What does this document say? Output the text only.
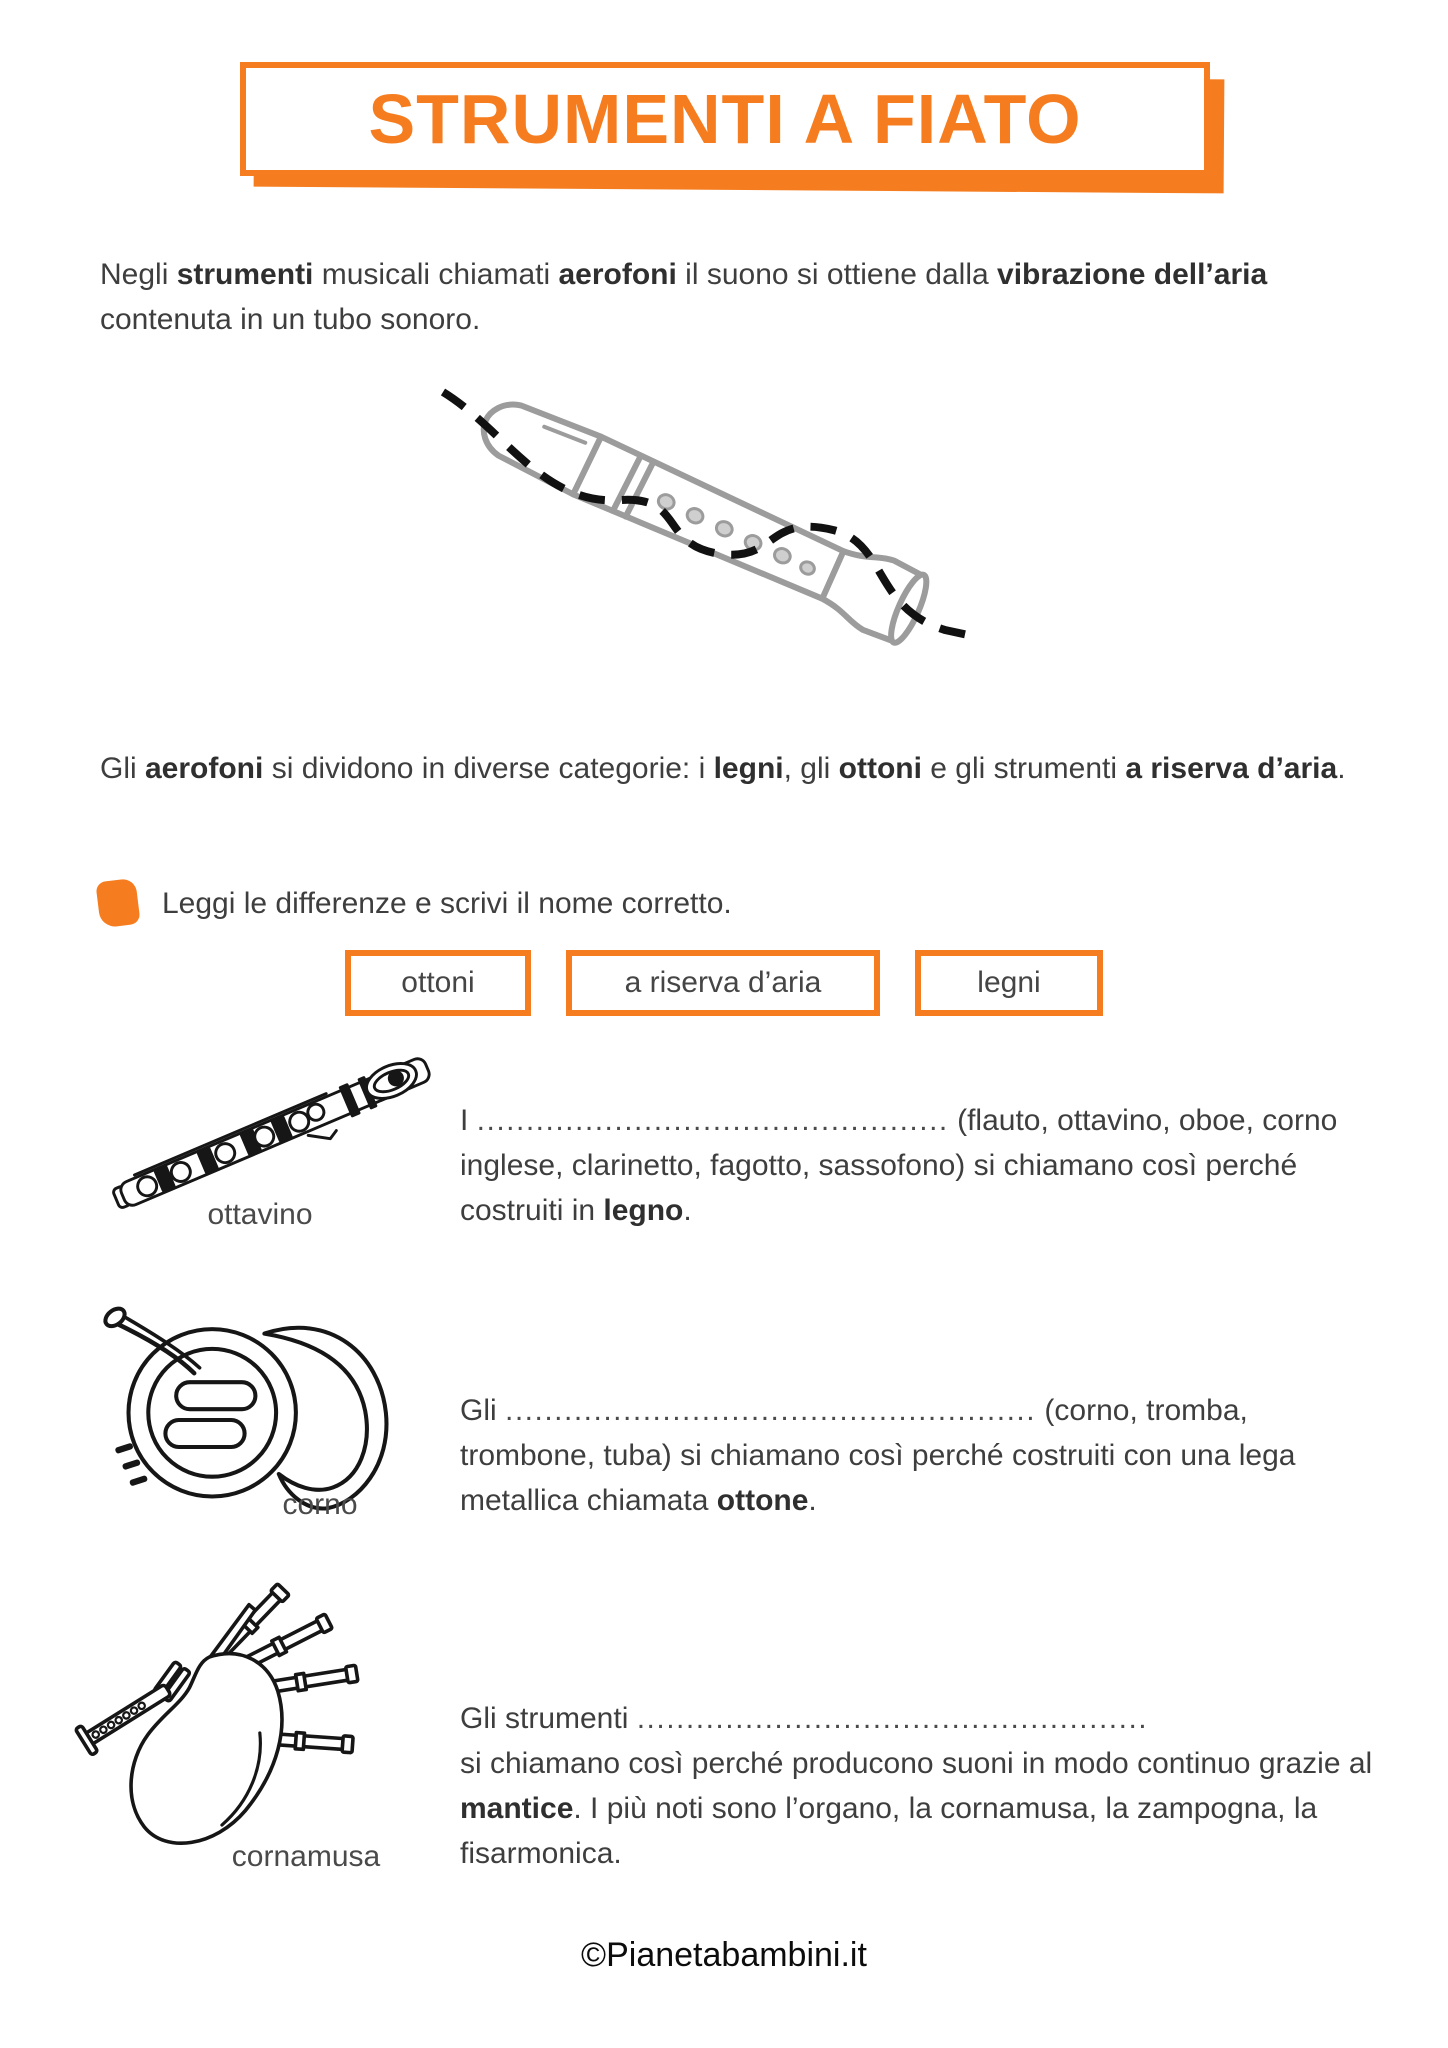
STRUMENTI A FIATO

Negli strumenti musicali chiamati aerofoni il suono si ottiene dalla vibrazione dell’aria contenuta in un tubo sonoro.

Gli aerofoni si dividono in diverse categorie: i legni, gli ottoni e gli strumenti a riserva d’aria.

Leggi le differenze e scrivi il nome corretto.
ottoni	a riserva d’aria	legni
ottavino

I ................................................ (flauto, ottavino, oboe, corno inglese, clarinetto, fagotto, sassofono) si chiamano così perché costruiti in legno.

corno

Gli ...................................................... (corno, tromba, trombone, tuba) si chiamano così perché costruiti con una lega metallica chiamata ottone.

cornamusa

Gli strumenti ....................................................
si chiamano così perché producono suoni in modo continuo grazie al mantice. I più noti sono l’organo, la cornamusa, la zampogna, la fisarmonica.

©Pianetabambini.it
